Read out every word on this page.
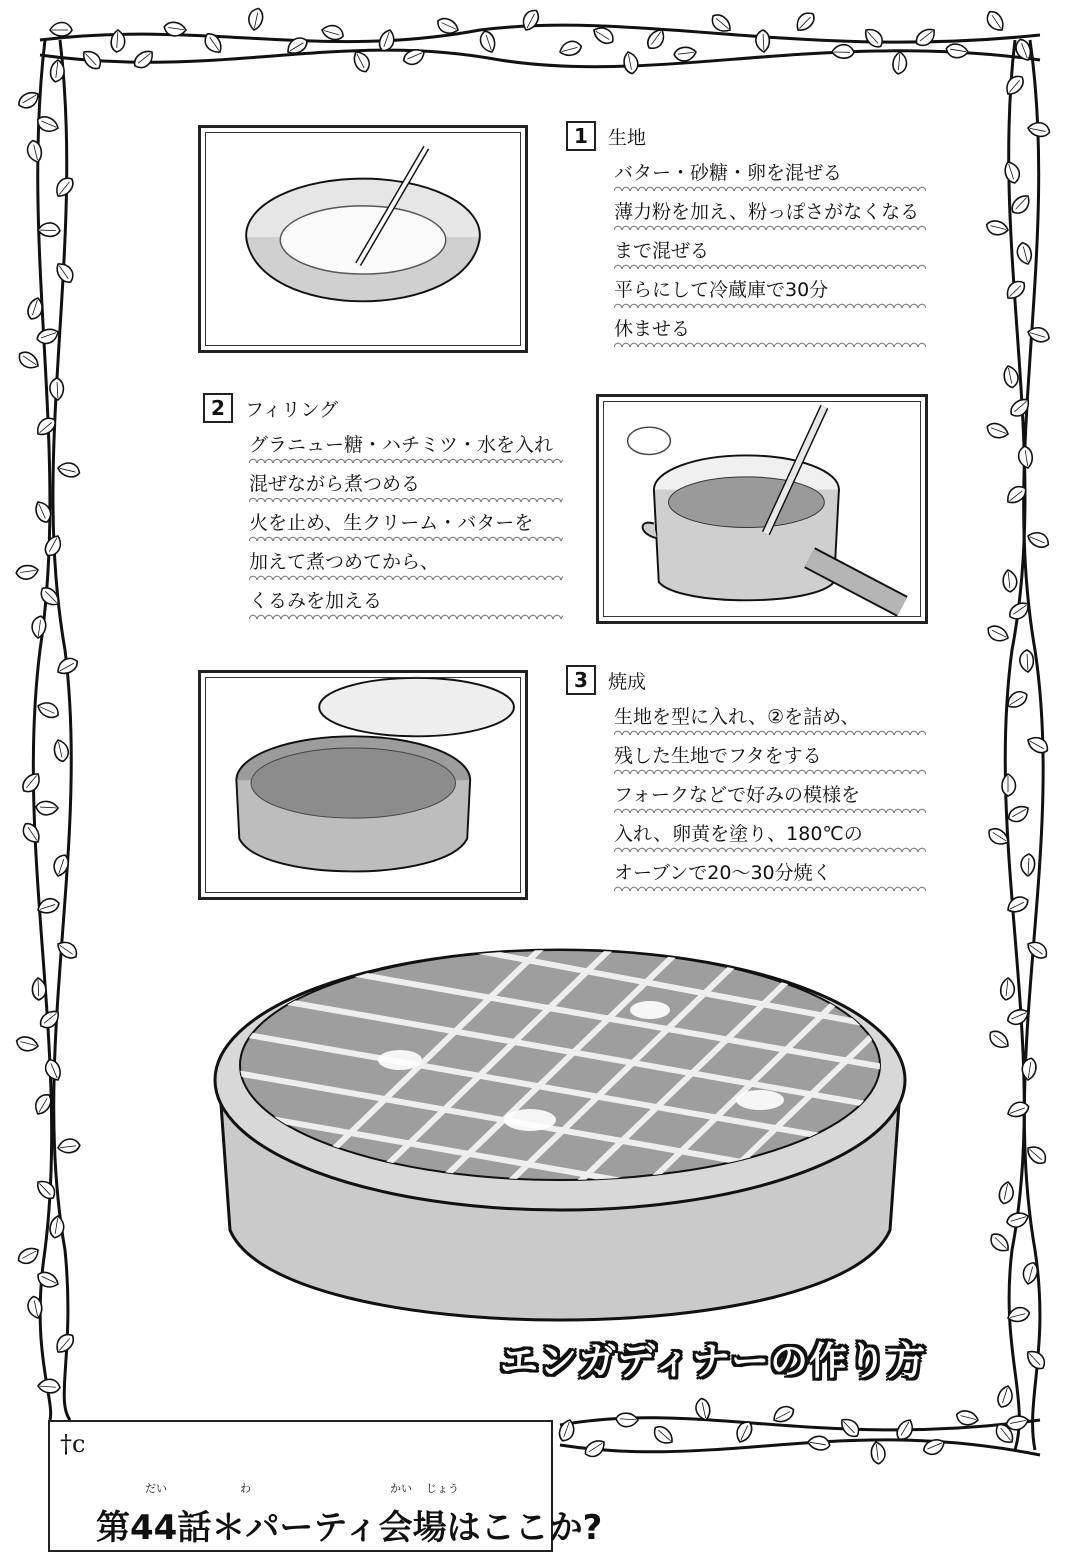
1	生地
バター・砂糖・卵を混ぜる
薄力粉を加え、粉っぽさがなくなる
まで混ぜる
平らにして冷蔵庫で30分
休ませる
2	フィリング
グラニュー糖・ハチミツ・水を入れ
混ぜながら煮つめる
火を止め、生クリーム・バターを
加えて煮つめてから、
くるみを加える
3	焼成
生地を型に入れ、②を詰め、
残した生地でフタをする
フォークなどで好みの模様を
入れ、卵黄を塗り、180℃の
オーブンで20〜30分焼く
エンガディナーの作り方
†c
だい	わ	かい じょう
第44話＊パーティ会場はここか?
